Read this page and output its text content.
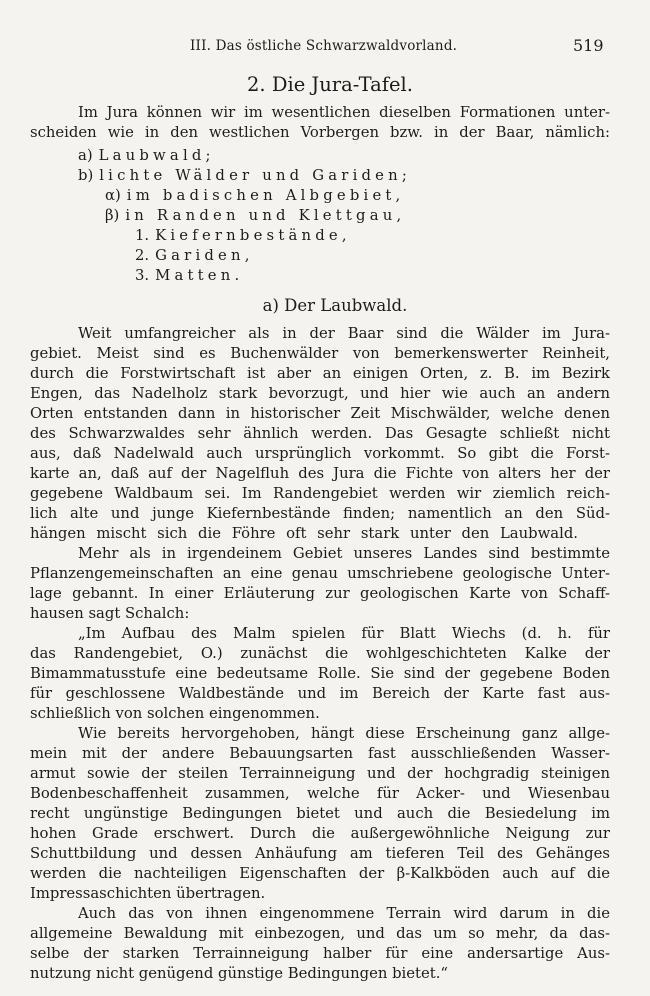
III. Das östliche Schwarzwaldvorland.	519
2. Die Jura-Tafel.
Im Jura können wir im wesentlichen dieselben Formationen unter-
scheiden wie in den westlichen Vorbergen bzw. in der Baar, nämlich:
a) Laubwald;
b) lichte Wälder und Gariden;
α) im badischen Albgebiet,
β) in Randen und Klettgau,
1. Kiefernbestände,
2. Gariden,
3. Matten.
a) Der Laubwald.
Weit umfangreicher als in der Baar sind die Wälder im Jura-
gebiet. Meist sind es Buchenwälder von bemerkenswerter Reinheit,
durch die Forstwirtschaft ist aber an einigen Orten, z. B. im Bezirk
Engen, das Nadelholz stark bevorzugt, und hier wie auch an andern
Orten entstanden dann in historischer Zeit Mischwälder, welche denen
des Schwarzwaldes sehr ähnlich werden. Das Gesagte schließt nicht
aus, daß Nadelwald auch ursprünglich vorkommt. So gibt die Forst-
karte an, daß auf der Nagelfluh des Jura die Fichte von alters her der
gegebene Waldbaum sei. Im Randengebiet werden wir ziemlich reich-
lich alte und junge Kiefernbestände finden; namentlich an den Süd-
hängen mischt sich die Föhre oft sehr stark unter den Laubwald.
Mehr als in irgendeinem Gebiet unseres Landes sind bestimmte
Pflanzengemeinschaften an eine genau umschriebene geologische Unter-
lage gebannt. In einer Erläuterung zur geologischen Karte von Schaff-
hausen sagt Schalch:
„Im Aufbau des Malm spielen für Blatt Wiechs (d. h. für
das Randengebiet, O.) zunächst die wohlgeschichteten Kalke der
Bimammatusstufe eine bedeutsame Rolle. Sie sind der gegebene Boden
für geschlossene Waldbestände und im Bereich der Karte fast aus-
schließlich von solchen eingenommen.
Wie bereits hervorgehoben, hängt diese Erscheinung ganz allge-
mein mit der andere Bebauungsarten fast ausschließenden Wasser-
armut sowie der steilen Terrainneigung und der hochgradig steinigen
Bodenbeschaffenheit zusammen, welche für Acker- und Wiesenbau
recht ungünstige Bedingungen bietet und auch die Besiedelung im
hohen Grade erschwert. Durch die außergewöhnliche Neigung zur
Schuttbildung und dessen Anhäufung am tieferen Teil des Gehänges
werden die nachteiligen Eigenschaften der β-Kalkböden auch auf die
Impressaschichten übertragen.
Auch das von ihnen eingenommene Terrain wird darum in die
allgemeine Bewaldung mit einbezogen, und das um so mehr, da das-
selbe der starken Terrainneigung halber für eine andersartige Aus-
nutzung nicht genügend günstige Bedingungen bietet.“
